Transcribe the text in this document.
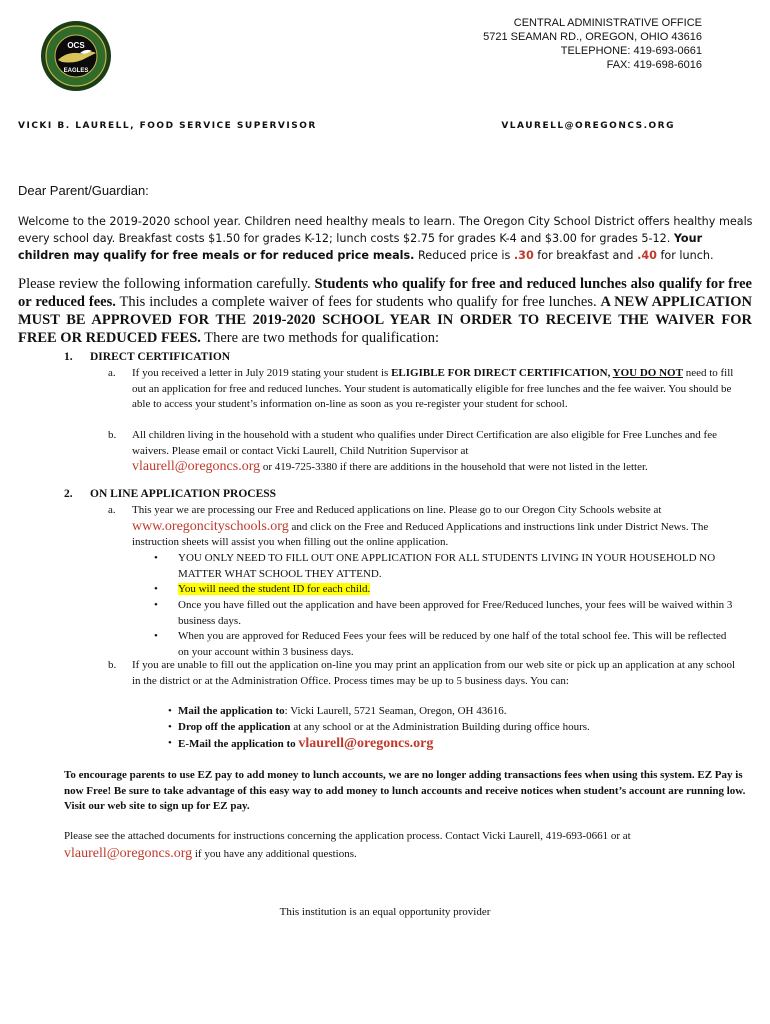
OCS
EAGLES
CENTRAL ADMINISTRATIVE OFFICE
5721 SEAMAN RD., OREGON, OHIO 43616
TELEPHONE: 419-693-0661
FAX: 419-698-6016
VICKI B. LAURELL, FOOD SERVICE SUPERVISOR	VLAURELL@OREGONCS.ORG
Dear Parent/Guardian:
Welcome to the 2019-2020 school year. Children need healthy meals to learn. The Oregon City School District offers healthy meals every school day. Breakfast costs $1.50 for grades K-12; lunch costs $2.75 for grades K-4 and $3.00 for grades 5-12. Your children may qualify for free meals or for reduced price meals. Reduced price is .30 for breakfast and .40 for lunch.
Please review the following information carefully. Students who qualify for free and reduced lunches also qualify for free or reduced fees. This includes a complete waiver of fees for students who qualify for free lunches. A NEW APPLICATION MUST BE APPROVED FOR THE 2019-2020 SCHOOL YEAR IN ORDER TO RECEIVE THE WAIVER FOR FREE OR REDUCED FEES. There are two methods for qualification:
1. DIRECT CERTIFICATION
a. If you received a letter in July 2019 stating your student is ELIGIBLE FOR DIRECT CERTIFICATION, YOU DO NOT need to fill out an application for free and reduced lunches. Your student is automatically eligible for free lunches and the fee waiver. You should be able to access your student’s information on-line as soon as you re-register your student for school.
b. All children living in the household with a student who qualifies under Direct Certification are also eligible for Free Lunches and fee waivers. Please email or contact Vicki Laurell, Child Nutrition Supervisor at
vlaurell@oregoncs.org or 419-725-3380 if there are additions in the household that were not listed in the letter.
2. ON LINE APPLICATION PROCESS
a. This year we are processing our Free and Reduced applications on line. Please go to our Oregon City Schools website at
www.oregoncityschools.org and click on the Free and Reduced Applications and instructions link under District News. The instruction sheets will assist you when filling out the online application.
• YOU ONLY NEED TO FILL OUT ONE APPLICATION FOR ALL STUDENTS LIVING IN YOUR HOUSEHOLD NO MATTER WHAT SCHOOL THEY ATTEND.
• You will need the student ID for each child.
• Once you have filled out the application and have been approved for Free/Reduced lunches, your fees will be waived within 3 business days.
• When you are approved for Reduced Fees your fees will be reduced by one half of the total school fee. This will be reflected on your account within 3 business days.
b. If you are unable to fill out the application on-line you may print an application from our web site or pick up an application at any school in the district or at the Administration Office. Process times may be up to 5 business days. You can:
• Mail the application to: Vicki Laurell, 5721 Seaman, Oregon, OH 43616.
• Drop off the application at any school or at the Administration Building during office hours.
• E-Mail the application to vlaurell@oregoncs.org
To encourage parents to use EZ pay to add money to lunch accounts, we are no longer adding transactions fees when using this system. EZ Pay is now Free! Be sure to take advantage of this easy way to add money to lunch accounts and receive notices when student’s account are running low. Visit our web site to sign up for EZ pay.
Please see the attached documents for instructions concerning the application process. Contact Vicki Laurell, 419-693-0661 or at
vlaurell@oregoncs.org if you have any additional questions.
This institution is an equal opportunity provider
